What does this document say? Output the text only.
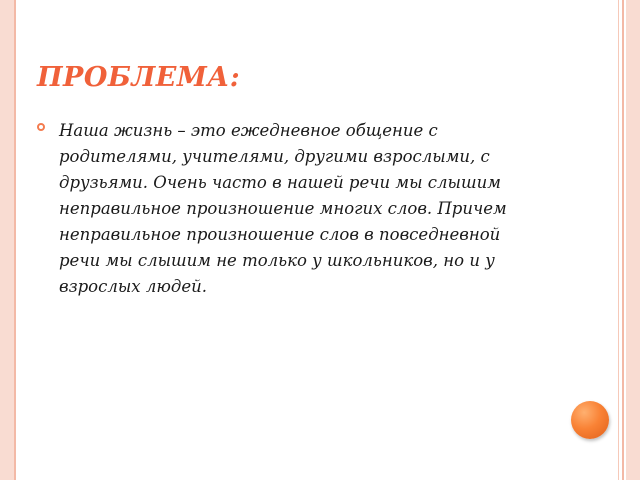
ПРОБЛЕМА:

Наша жизнь – это ежедневное общение с родителями, учителями, другими взрослыми, с друзьями. Очень часто в нашей речи мы слышим неправильное произношение многих слов. Причем неправильное произношение слов в повседневной речи мы слышим не только у школьников, но и у взрослых людей.
